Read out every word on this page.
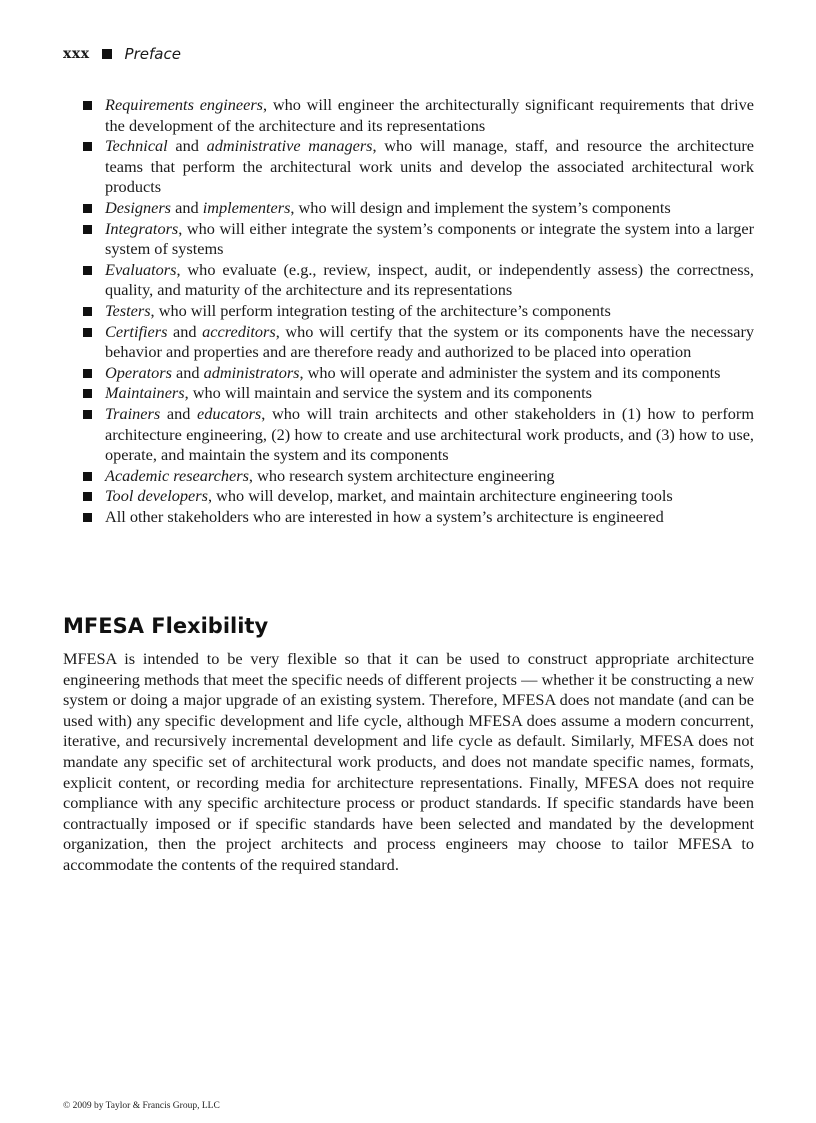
xxx Preface
Requirements engineers, who will engineer the architecturally significant requirements that drive the development of the architecture and its representations
Technical and administrative managers, who will manage, staff, and resource the architecture teams that perform the architectural work units and develop the associated architectural work products
Designers and implementers, who will design and implement the system’s components
Integrators, who will either integrate the system’s components or integrate the system into a larger system of systems
Evaluators, who evaluate (e.g., review, inspect, audit, or independently assess) the correctness, quality, and maturity of the architecture and its representations
Testers, who will perform integration testing of the architecture’s components
Certifiers and accreditors, who will certify that the system or its components have the necessary behavior and properties and are therefore ready and authorized to be placed into operation
Operators and administrators, who will operate and administer the system and its components
Maintainers, who will maintain and service the system and its components
Trainers and educators, who will train architects and other stakeholders in (1) how to perform architecture engineering, (2) how to create and use architectural work products, and (3) how to use, operate, and maintain the system and its components
Academic researchers, who research system architecture engineering
Tool developers, who will develop, market, and maintain architecture engineering tools
All other stakeholders who are interested in how a system’s architecture is engineered
MFESA Flexibility

MFESA is intended to be very flexible so that it can be used to construct appropriate architecture engineering methods that meet the specific needs of different projects — whether it be constructing a new system or doing a major upgrade of an existing system. Therefore, MFESA does not mandate (and can be used with) any specific development and life cycle, although MFESA does assume a modern concurrent, iterative, and recursively incremental development and life cycle as default. Similarly, MFESA does not mandate any specific set of architectural work products, and does not mandate specific names, formats, explicit content, or recording media for architecture representations. Finally, MFESA does not require compliance with any specific architecture process or product standards. If specific standards have been contractually imposed or if specific standards have been selected and mandated by the development organization, then the project architects and process engineers may choose to tailor MFESA to accommodate the contents of the required standard.

© 2009 by Taylor & Francis Group, LLC
